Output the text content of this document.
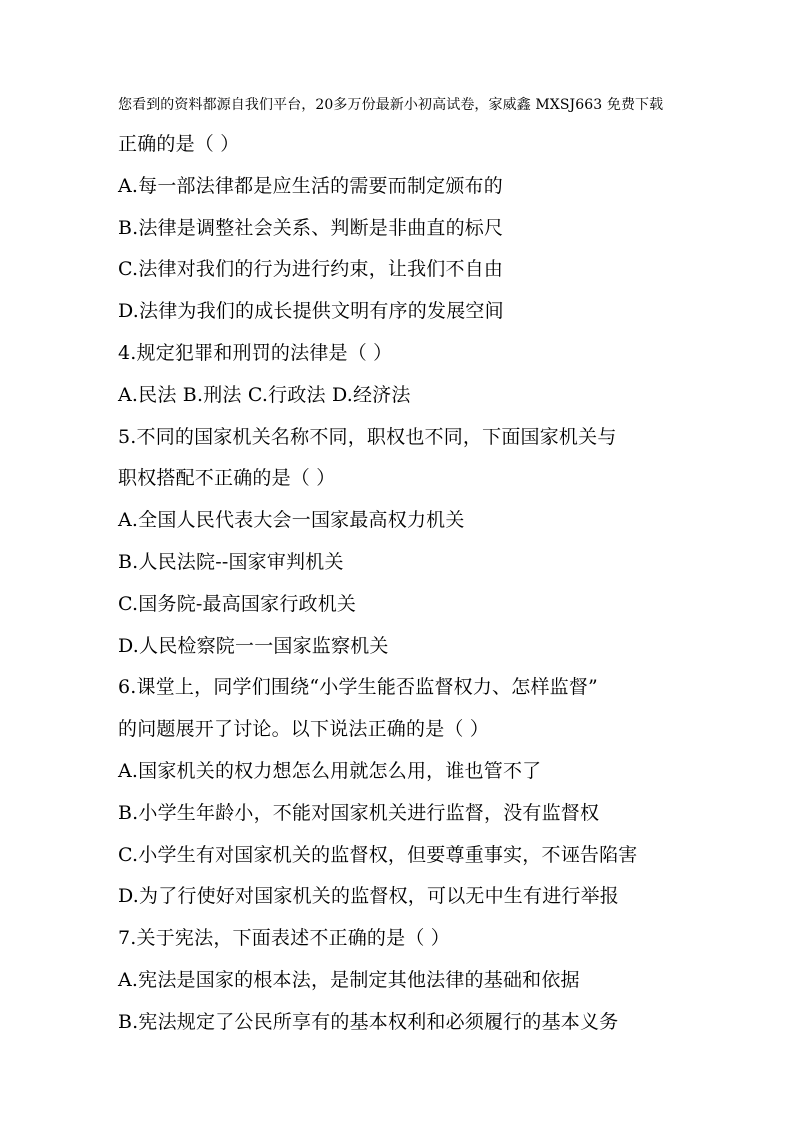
您看到的资料都源自我们平台，20多万份最新小初高试卷，家威鑫 MXSJ663 免费下载
正确的是（ ）
A.每一部法律都是应生活的需要而制定颁布的
B.法律是调整社会关系、判断是非曲直的标尺
C.法律对我们的行为进行约束，让我们不自由
D.法律为我们的成长提供文明有序的发展空间
4.规定犯罪和刑罚的法律是（ ）
A.民法 B.刑法 C.行政法 D.经济法
5.不同的国家机关名称不同，职权也不同，下面国家机关与
职权搭配不正确的是（ ）
A.全国人民代表大会一国家最高权力机关
B.人民法院--国家审判机关
C.国务院-最高国家行政机关
D.人民检察院一一国家监察机关
6.课堂上，同学们围绕“小学生能否监督权力、怎样监督”
的问题展开了讨论。以下说法正确的是（ ）
A.国家机关的权力想怎么用就怎么用，谁也管不了
B.小学生年龄小，不能对国家机关进行监督，没有监督权
C.小学生有对国家机关的监督权，但要尊重事实，不诬告陷害
D.为了行使好对国家机关的监督权，可以无中生有进行举报
7.关于宪法，下面表述不正确的是（ ）
A.宪法是国家的根本法，是制定其他法律的基础和依据
B.宪法规定了公民所享有的基本权利和必须履行的基本义务
